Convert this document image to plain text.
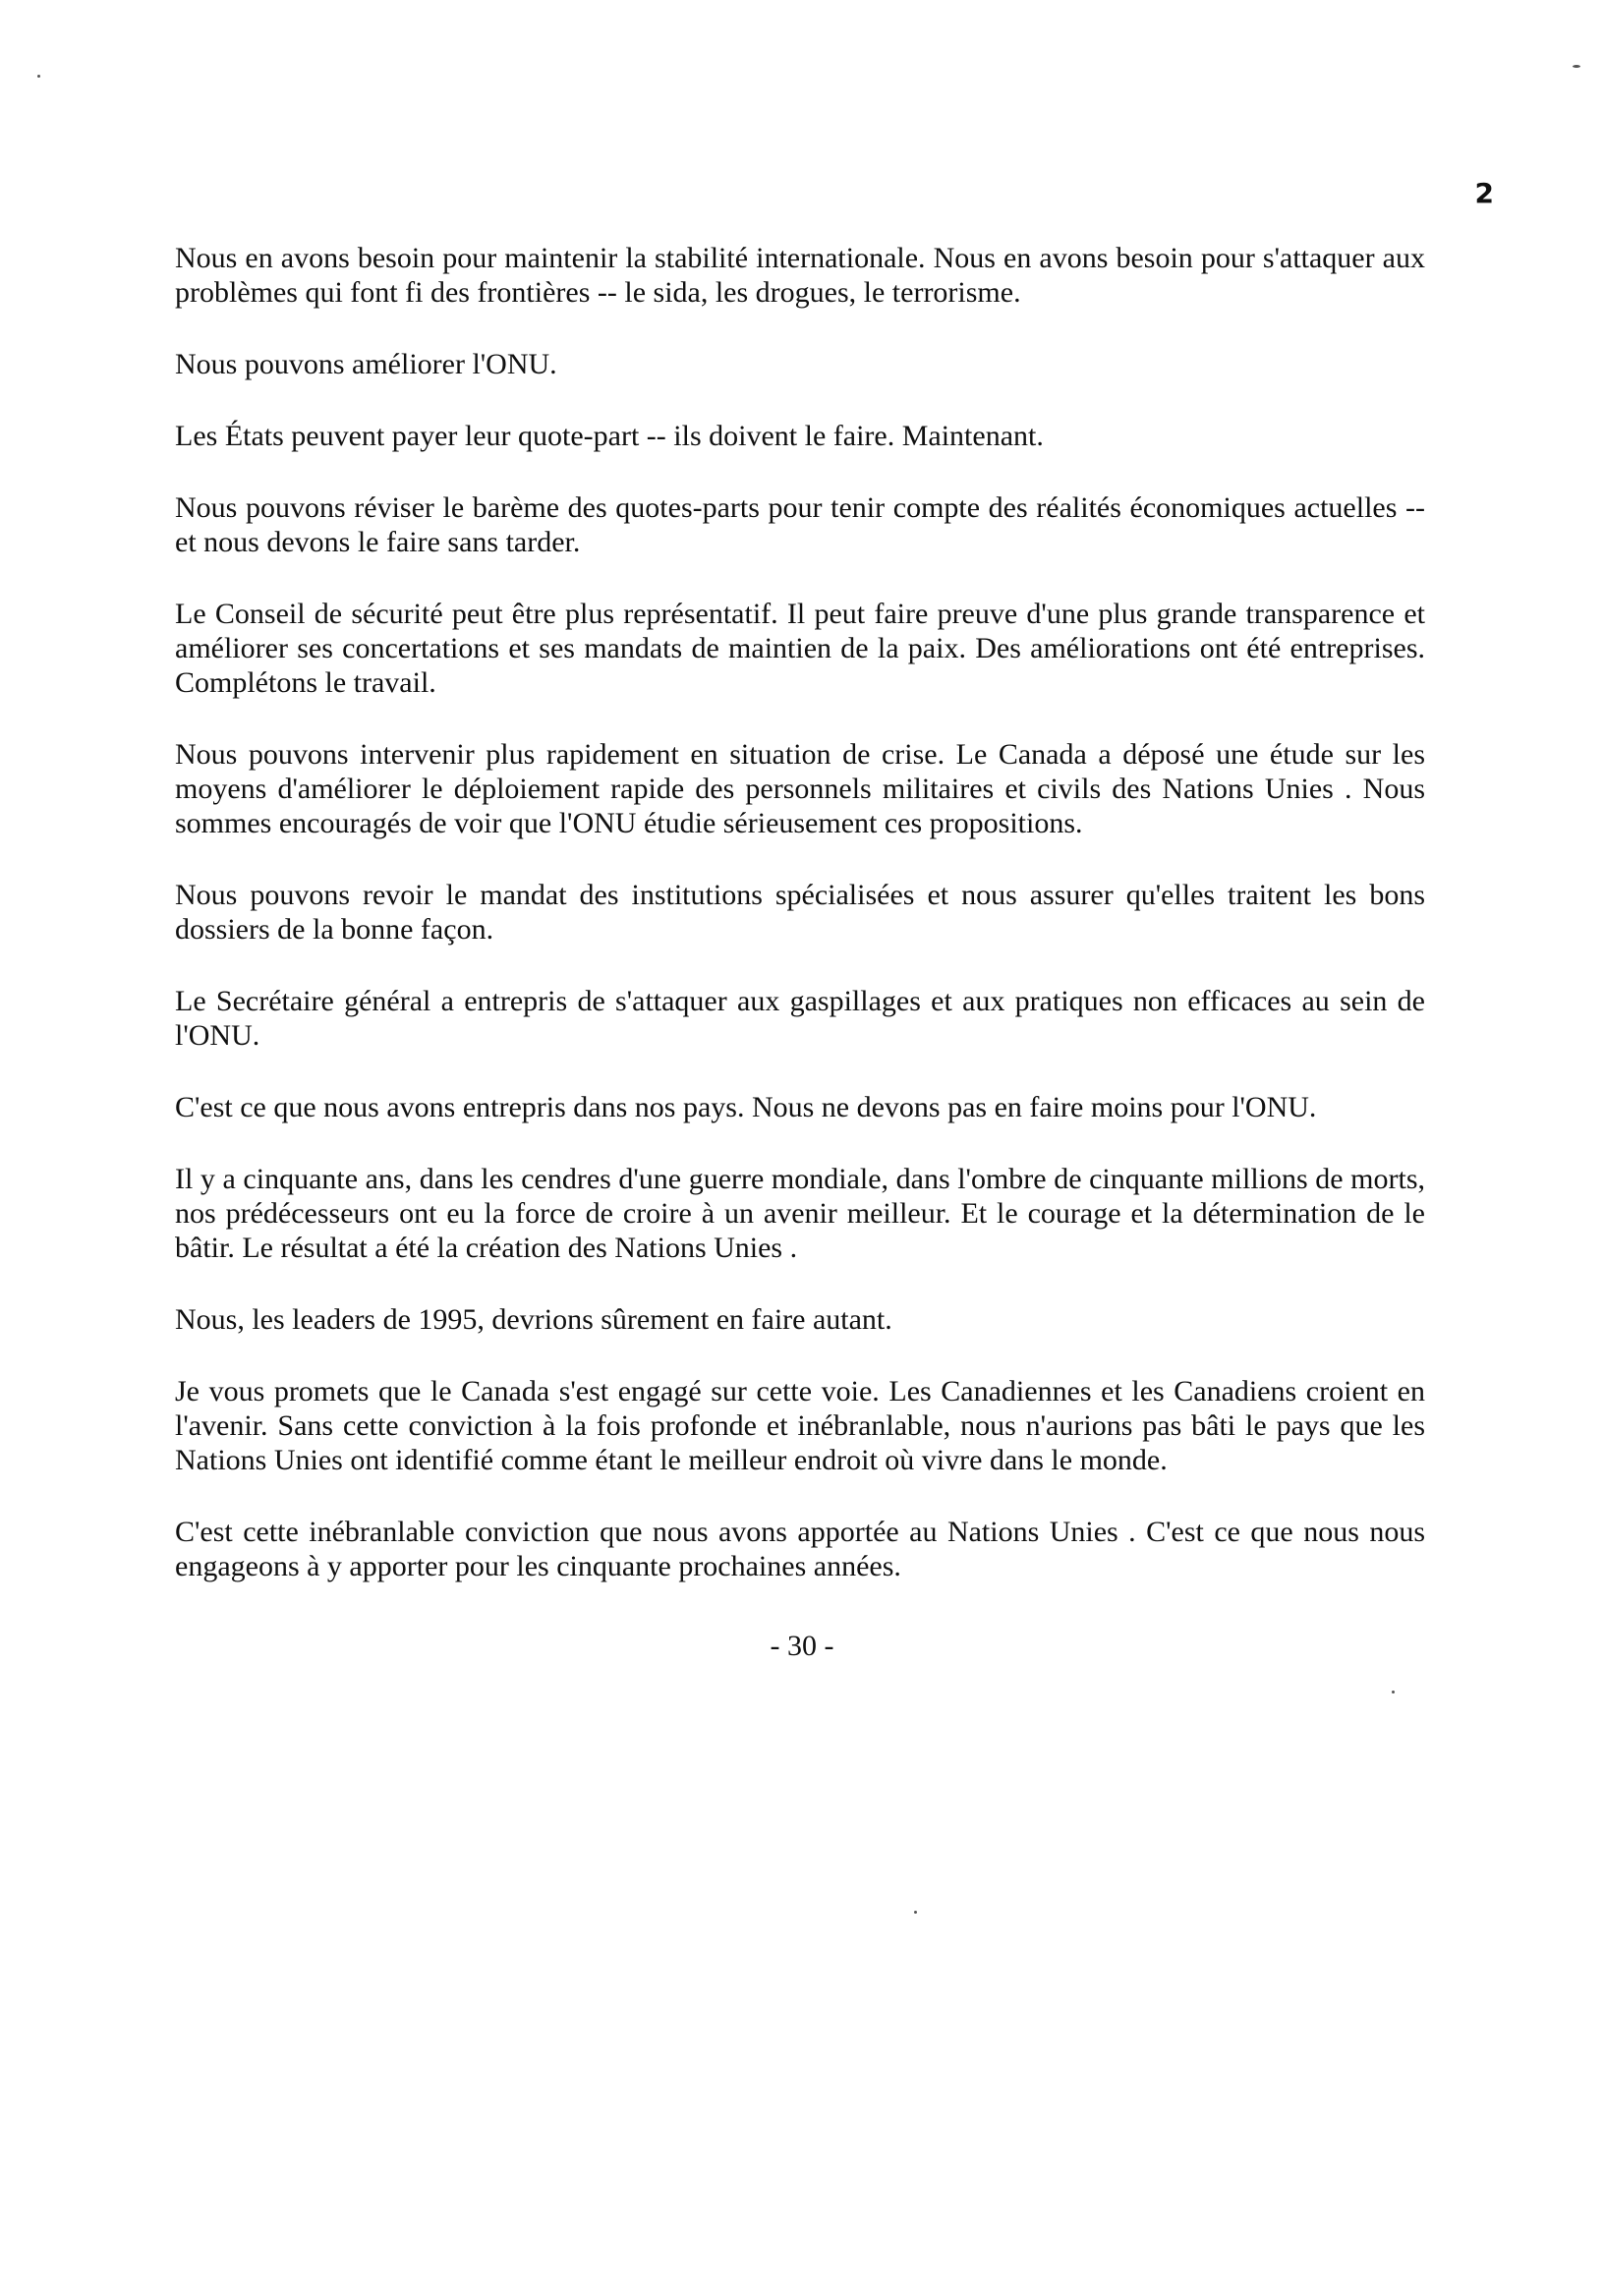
2

Nous en avons besoin pour maintenir la stabilité internationale. Nous en avons besoin pour s'attaquer aux problèmes qui font fi des frontières -- le sida, les drogues, le terrorisme.

Nous pouvons améliorer l'ONU.

Les États peuvent payer leur quote-part -- ils doivent le faire. Maintenant.

Nous pouvons réviser le barème des quotes-parts pour tenir compte des réalités économiques actuelles -- et nous devons le faire sans tarder.

Le Conseil de sécurité peut être plus représentatif. Il peut faire preuve d'une plus grande transparence et améliorer ses concertations et ses mandats de maintien de la paix. Des améliorations ont été entreprises. Complétons le travail.

Nous pouvons intervenir plus rapidement en situation de crise. Le Canada a déposé une étude sur les moyens d'améliorer le déploiement rapide des personnels militaires et civils des Nations Unies . Nous sommes encouragés de voir que l'ONU étudie sérieusement ces propositions.

Nous pouvons revoir le mandat des institutions spécialisées et nous assurer qu'elles traitent les bons dossiers de la bonne façon.

Le Secrétaire général a entrepris de s'attaquer aux gaspillages et aux pratiques non efficaces au sein de l'ONU.

C'est ce que nous avons entrepris dans nos pays. Nous ne devons pas en faire moins pour l'ONU.

Il y a cinquante ans, dans les cendres d'une guerre mondiale, dans l'ombre de cinquante millions de morts, nos prédécesseurs ont eu la force de croire à un avenir meilleur. Et le courage et la détermination de le bâtir. Le résultat a été la création des Nations Unies .

Nous, les leaders de 1995, devrions sûrement en faire autant.

Je vous promets que le Canada s'est engagé sur cette voie. Les Canadiennes et les Canadiens croient en l'avenir. Sans cette conviction à la fois profonde et inébranlable, nous n'aurions pas bâti le pays que les Nations Unies ont identifié comme étant le meilleur endroit où vivre dans le monde.

C'est cette inébranlable conviction que nous avons apportée au Nations Unies . C'est ce que nous nous engageons à y apporter pour les cinquante prochaines années.

- 30 -
